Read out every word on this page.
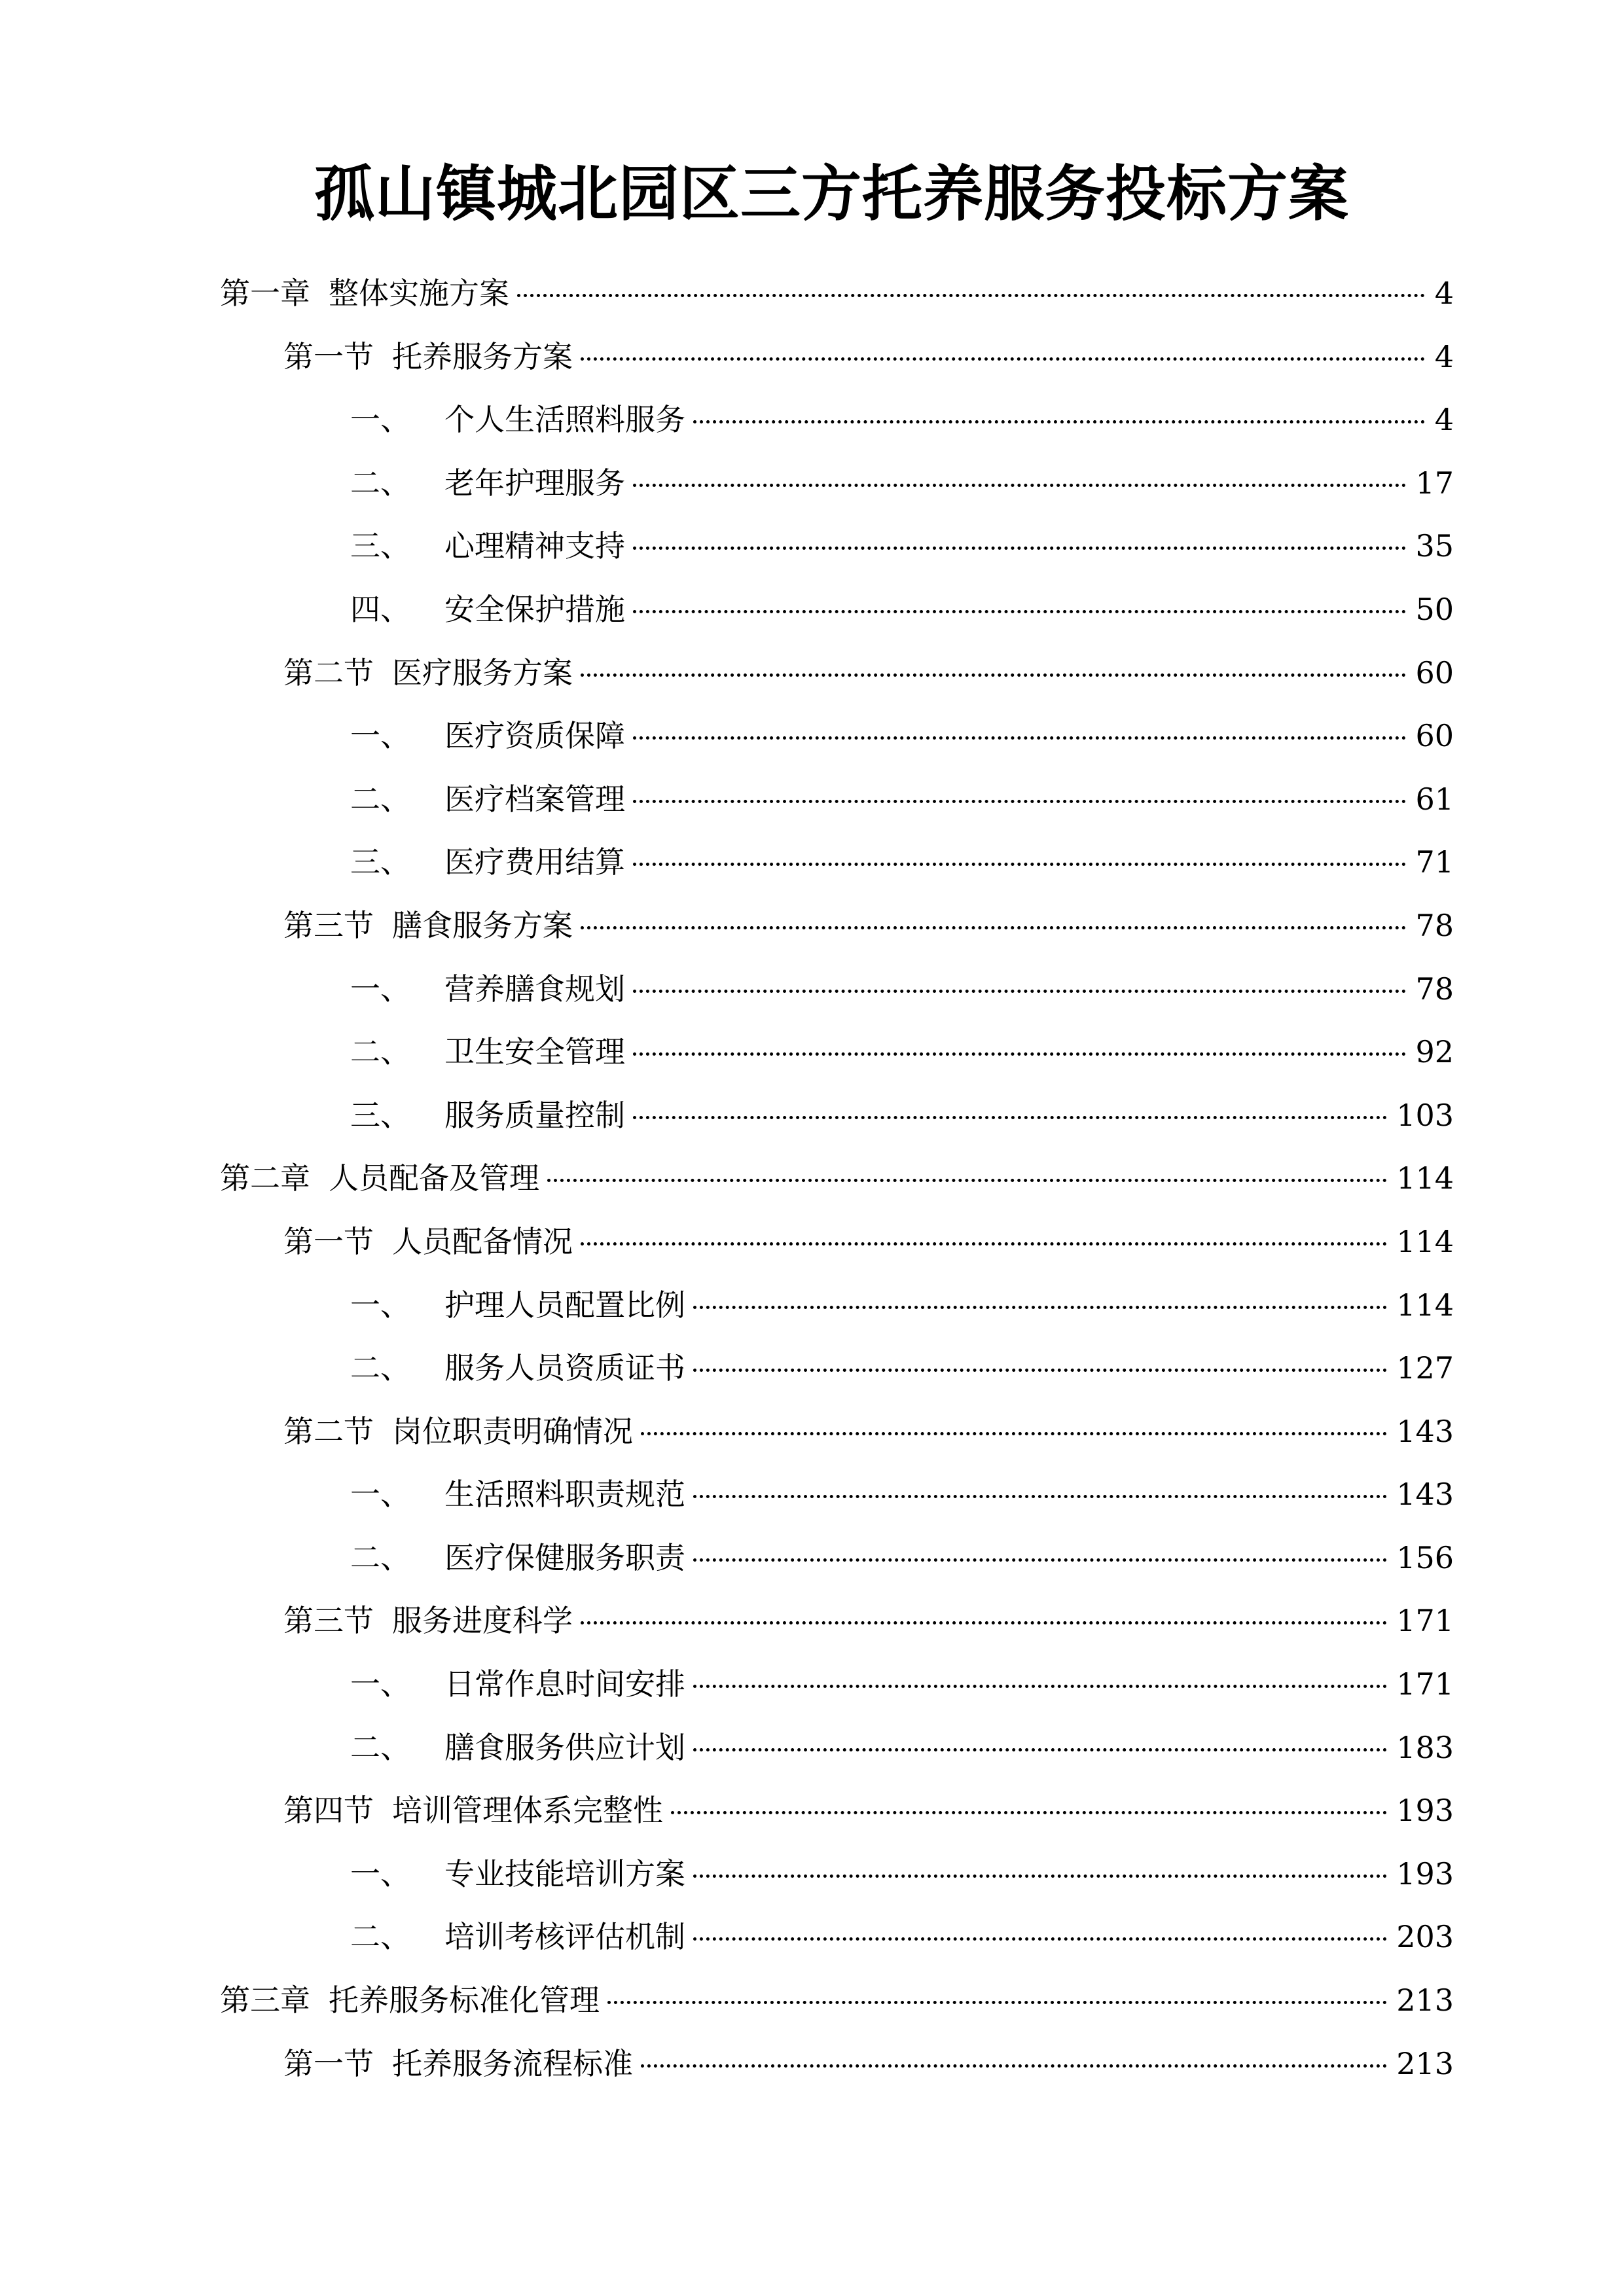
孤山镇城北园区三方托养服务投标方案
第一章 整体实施方案	4
第一节 托养服务方案	4
一、 个人生活照料服务	4
二、 老年护理服务	17
三、 心理精神支持	35
四、 安全保护措施	50
第二节 医疗服务方案	60
一、 医疗资质保障	60
二、 医疗档案管理	61
三、 医疗费用结算	71
第三节 膳食服务方案	78
一、 营养膳食规划	78
二、 卫生安全管理	92
三、 服务质量控制	103
第二章 人员配备及管理	114
第一节 人员配备情况	114
一、 护理人员配置比例	114
二、 服务人员资质证书	127
第二节 岗位职责明确情况	143
一、 生活照料职责规范	143
二、 医疗保健服务职责	156
第三节 服务进度科学	171
一、 日常作息时间安排	171
二、 膳食服务供应计划	183
第四节 培训管理体系完整性	193
一、 专业技能培训方案	193
二、 培训考核评估机制	203
第三章 托养服务标准化管理	213
第一节 托养服务流程标准	213
